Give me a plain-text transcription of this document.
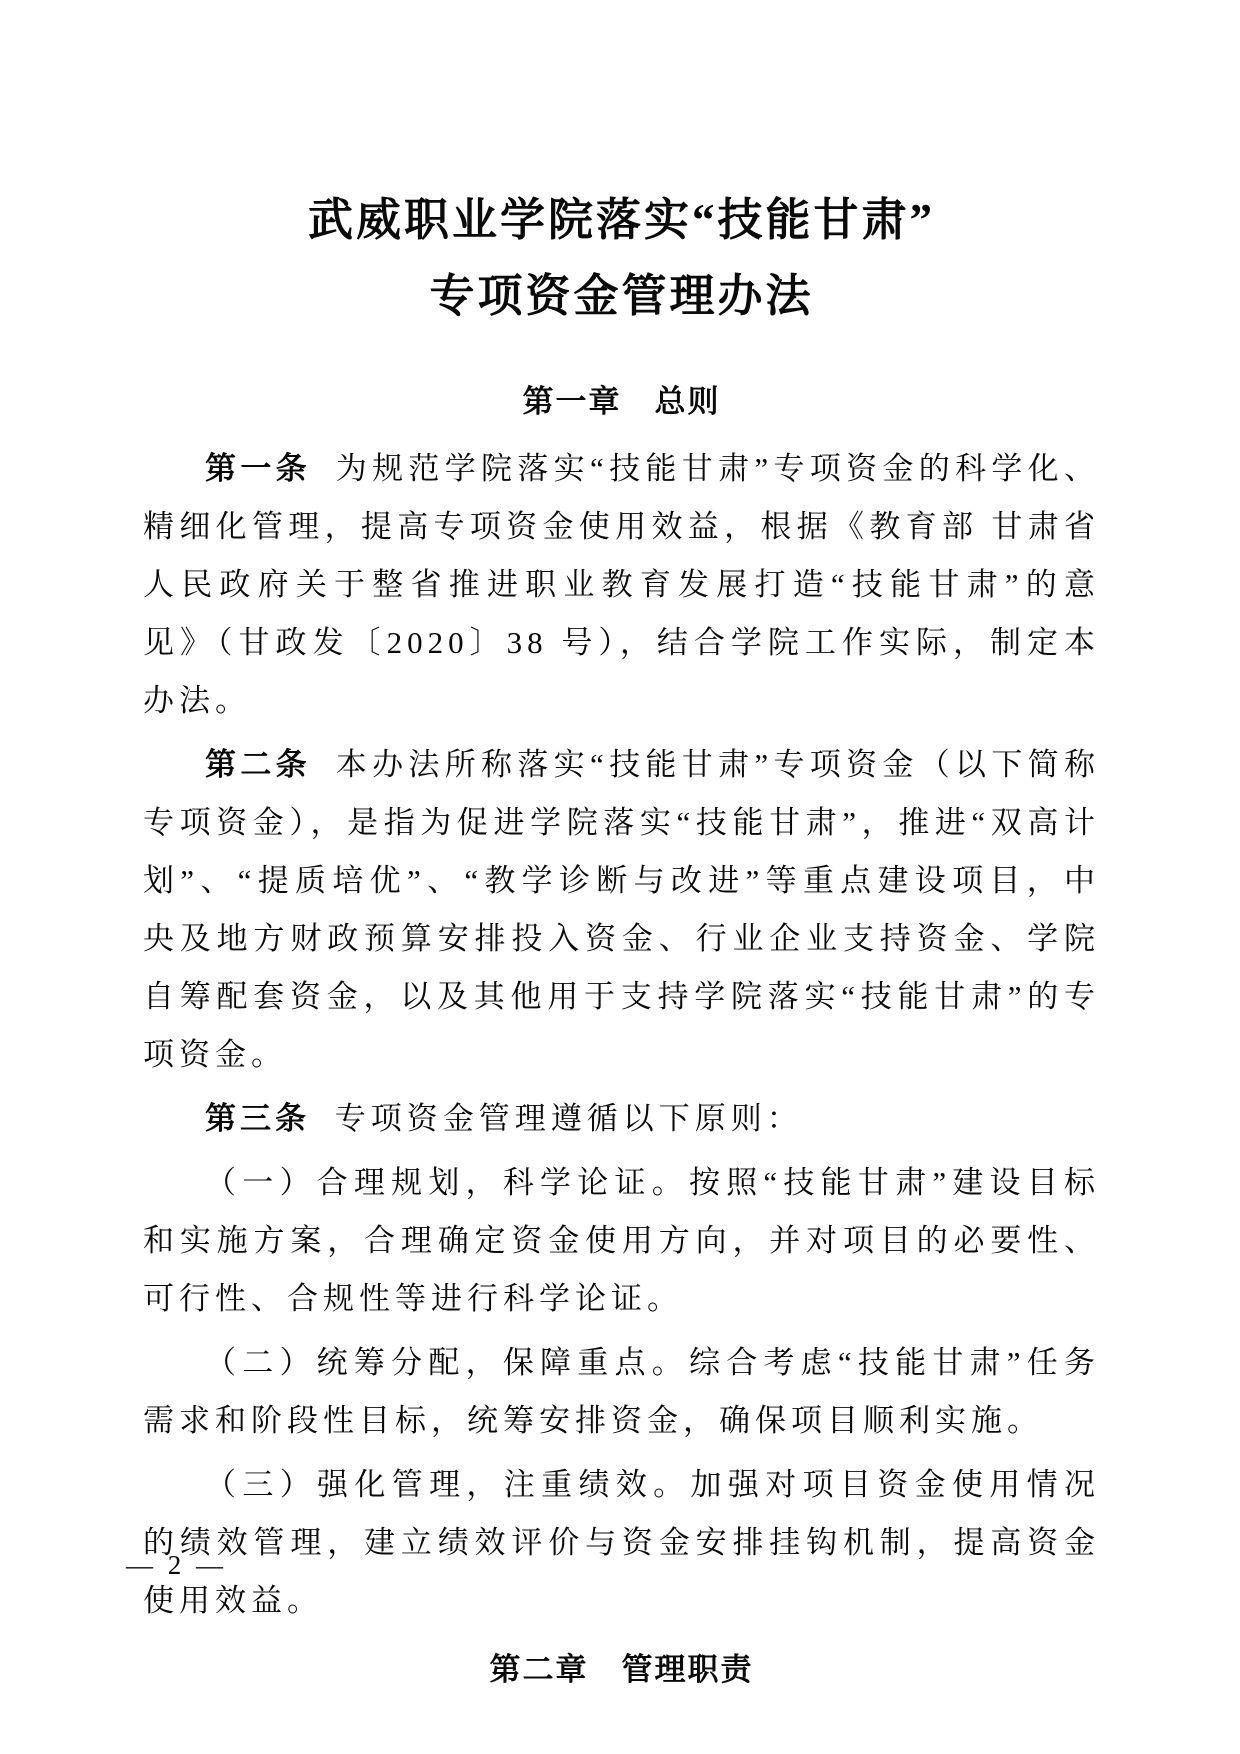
武威职业学院落实“技能甘肃”
专项资金管理办法
第一章　总则

第一条 为规范学院落实“技能甘肃”专项资金的科学化、精细化管理，提高专项资金使用效益，根据《教育部 甘肃省人民政府关于整省推进职业教育发展打造“技能甘肃”的意见》（甘政发〔2020〕38 号），结合学院工作实际，制定本办法。

第二条 本办法所称落实“技能甘肃”专项资金（以下简称专项资金），是指为促进学院落实“技能甘肃”，推进“双高计划”、“提质培优”、“教学诊断与改进”等重点建设项目，中央及地方财政预算安排投入资金、行业企业支持资金、学院自筹配套资金，以及其他用于支持学院落实“技能甘肃”的专项资金。

第三条 专项资金管理遵循以下原则：

（一）合理规划，科学论证。按照“技能甘肃”建设目标和实施方案，合理确定资金使用方向，并对项目的必要性、可行性、合规性等进行科学论证。

（二）统筹分配，保障重点。综合考虑“技能甘肃”任务需求和阶段性目标，统筹安排资金，确保项目顺利实施。

（三）强化管理，注重绩效。加强对项目资金使用情况的绩效管理，建立绩效评价与资金安排挂钩机制，提高资金使用效益。

第二章　管理职责
— 2 —
